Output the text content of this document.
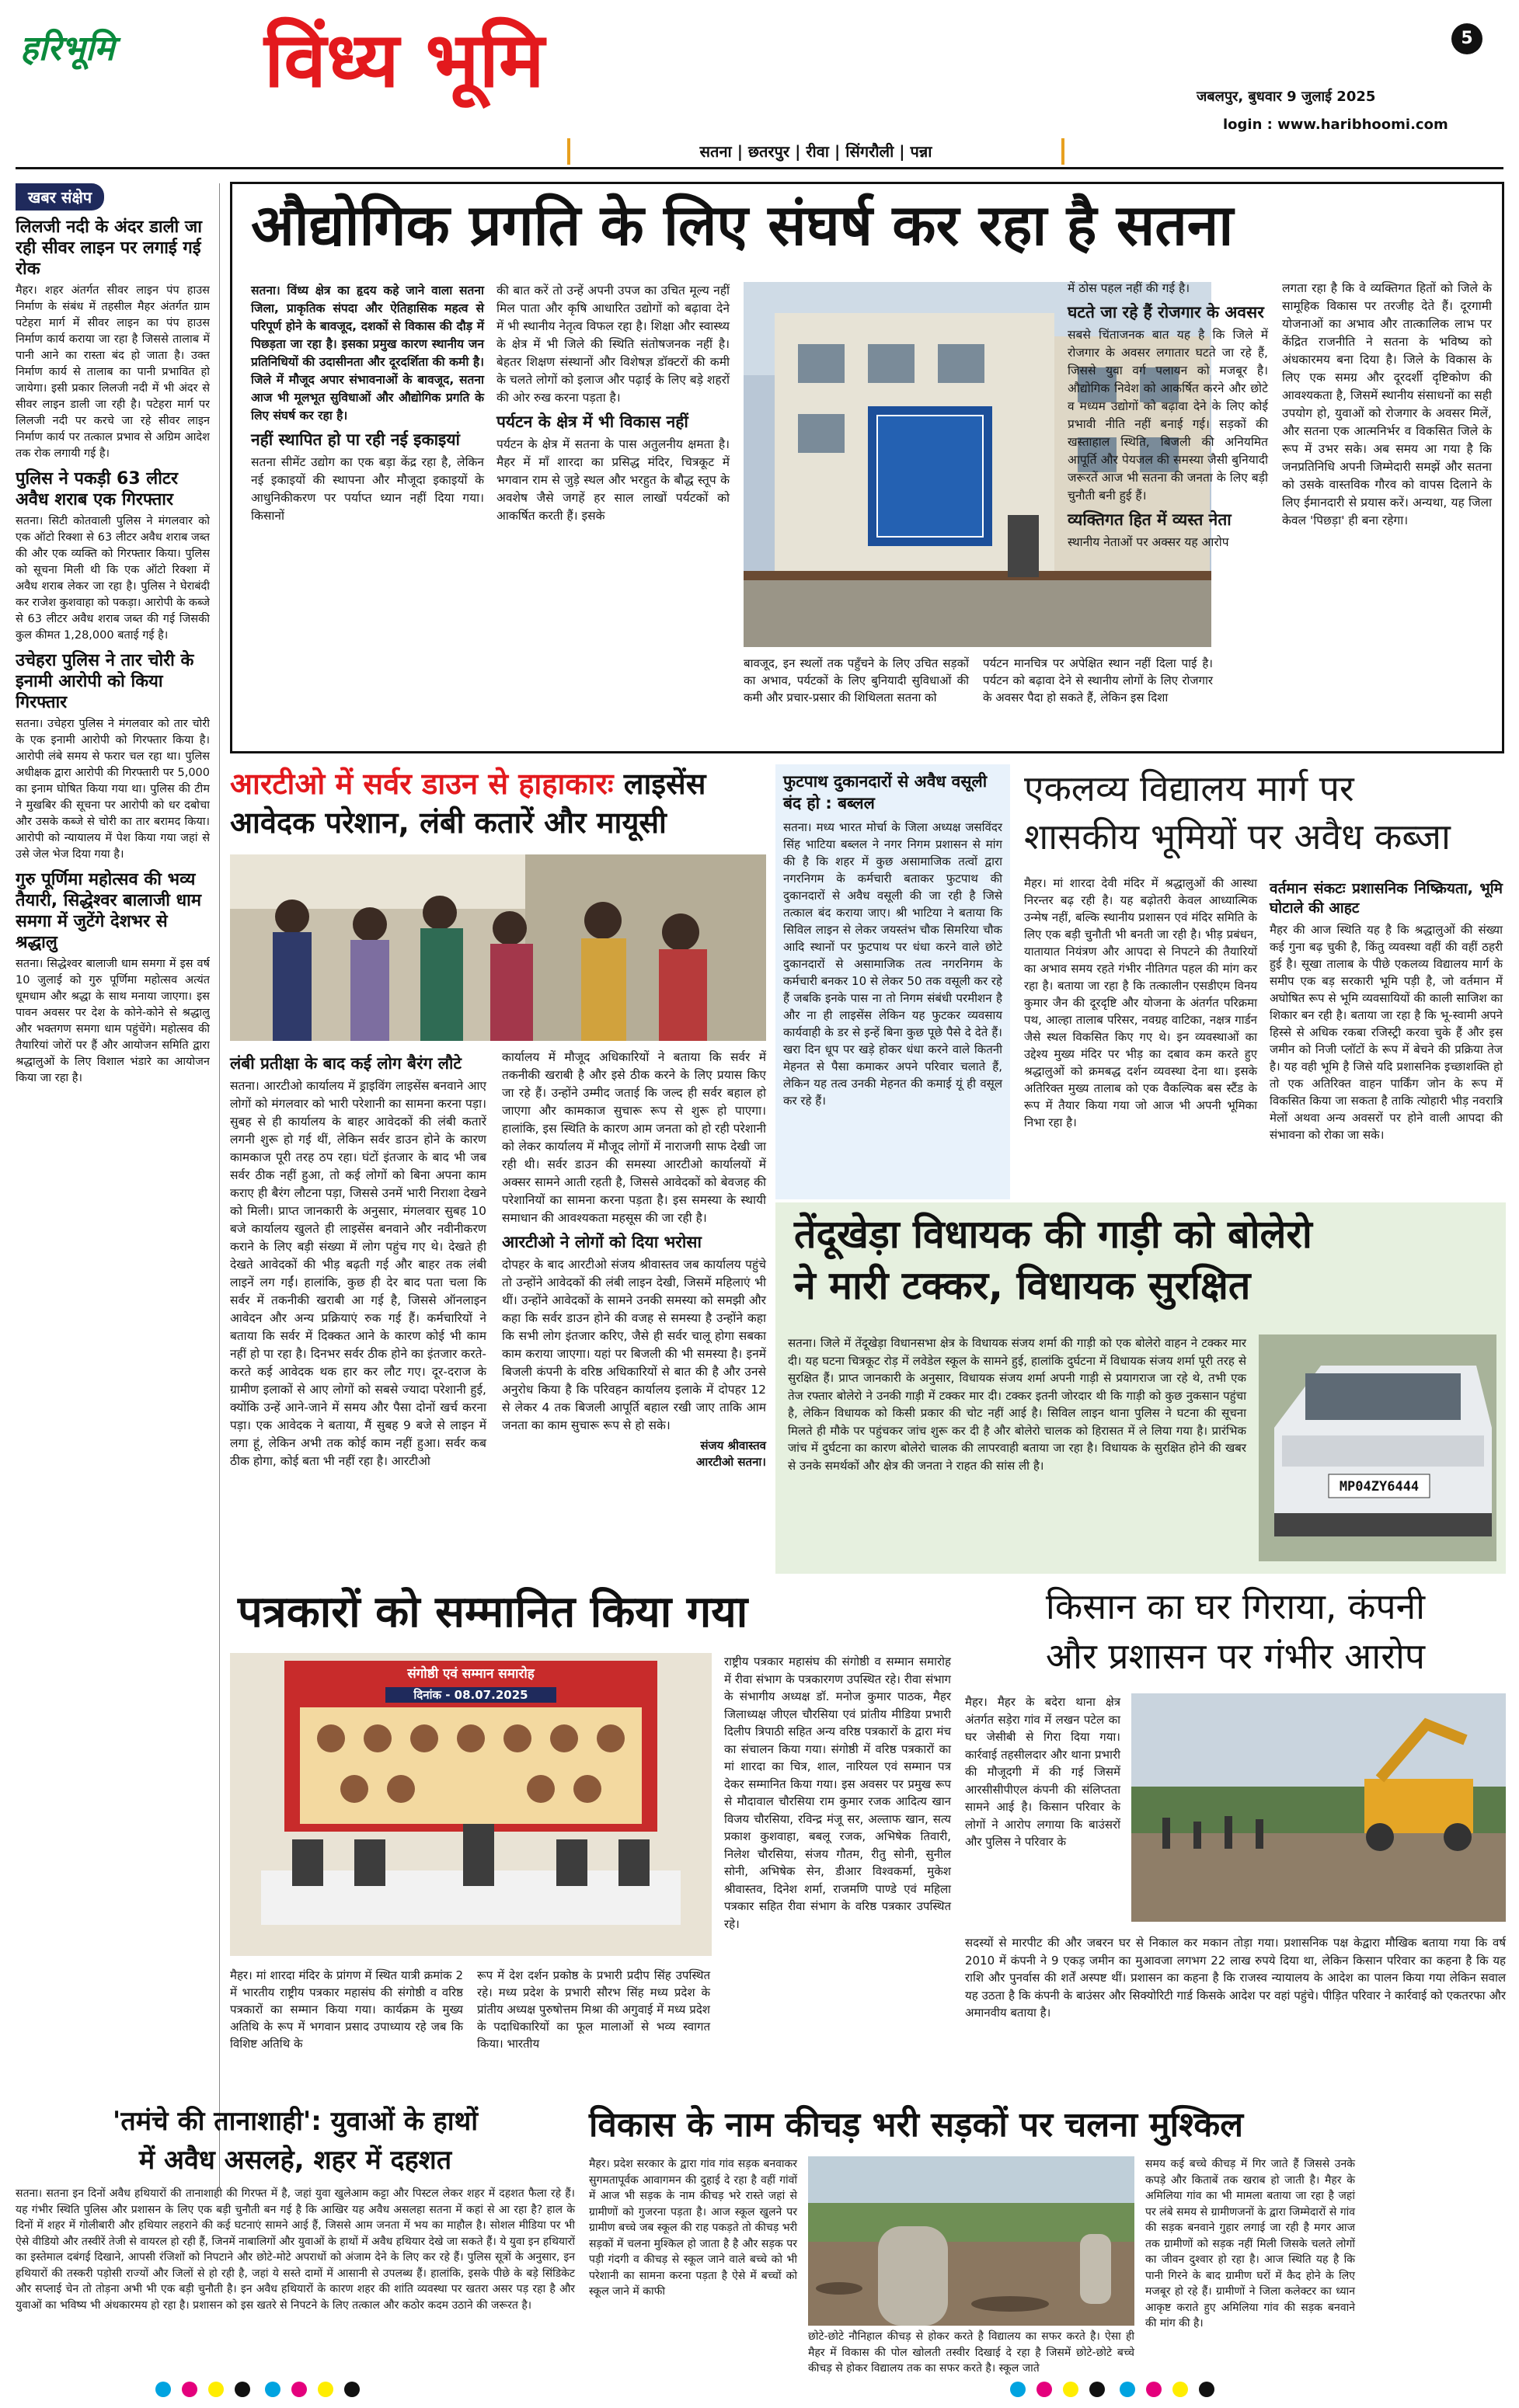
हरिभूमि विंध्य भूमि	5
जबलपुर, बुधवार 9 जुलाई 2025
login : www.haribhoomi.com
सतना | छतरपुर | रीवा | सिंगरौली | पन्ना
खबर संक्षेप
लिलजी नदी के अंदर डाली जा रही सीवर लाइन पर लगाई गई रोक

मैहर। शहर अंतर्गत सीवर लाइन पंप हाउस निर्माण के संबंध में तहसील मैहर अंतर्गत ग्राम पटेहरा मार्ग में सीवर लाइन का पंप हाउस निर्माण कार्य कराया जा रहा है जिससे तालाब में पानी आने का रास्ता बंद हो जाता है। उक्त निर्माण कार्य से तालाब का पानी प्रभावित हो जायेगा। इसी प्रकार लिलजी नदी में भी अंदर से सीवर लाइन डाली जा रही है। पटेहरा मार्ग पर लिलजी नदी पर करचे जा रहे सीवर लाइन निर्माण कार्य पर तत्काल प्रभाव से अग्रिम आदेश तक रोक लगायी गई है।

पुलिस ने पकड़ी 63 लीटर अवैध शराब एक गिरफ्तार

सतना। सिटी कोतवाली पुलिस ने मंगलवार को एक ऑटो रिक्शा से 63 लीटर अवैध शराब जब्त की और एक व्यक्ति को गिरफ्तार किया। पुलिस को सूचना मिली थी कि एक ऑटो रिक्शा में अवैध शराब लेकर जा रहा है। पुलिस ने घेराबंदी कर राजेश कुशवाहा को पकड़ा। आरोपी के कब्जे से 63 लीटर अवैध शराब जब्त की गई जिसकी कुल कीमत 1,28,000 बताई गई है।

उचेहरा पुलिस ने तार चोरी के इनामी आरोपी को किया गिरफ्तार

सतना। उचेहरा पुलिस ने मंगलवार को तार चोरी के एक इनामी आरोपी को गिरफ्तार किया है। आरोपी लंबे समय से फरार चल रहा था। पुलिस अधीक्षक द्वारा आरोपी की गिरफ्तारी पर 5,000 का इनाम घोषित किया गया था। पुलिस की टीम ने मुखबिर की सूचना पर आरोपी को धर दबोचा और उसके कब्जे से चोरी का तार बरामद किया। आरोपी को न्यायालय में पेश किया गया जहां से उसे जेल भेज दिया गया है।

गुरु पूर्णिमा महोत्सव की भव्य तैयारी, सिद्धेश्वर बालाजी धाम समगा में जुटेंगे देशभर से श्रद्धालु

सतना। सिद्धेश्वर बालाजी धाम समगा में इस वर्ष 10 जुलाई को गुरु पूर्णिमा महोत्सव अत्यंत धूमधाम और श्रद्धा के साथ मनाया जाएगा। इस पावन अवसर पर देश के कोने-कोने से श्रद्धालु और भक्तगण समगा धाम पहुंचेंगे। महोत्सव की तैयारियां जोरों पर हैं और आयोजन समिति द्वारा श्रद्धालुओं के लिए विशाल भंडारे का आयोजन किया जा रहा है।

औद्योगिक प्रगति के लिए संघर्ष कर रहा है सतना

सतना। विंध्य क्षेत्र का हृदय कहे जाने वाला सतना जिला, प्राकृतिक संपदा और ऐतिहासिक महत्व से परिपूर्ण होने के बावजूद, दशकों से विकास की दौड़ में पिछड़ता जा रहा है। इसका प्रमुख कारण स्थानीय जन प्रतिनिधियों की उदासीनता और दूरदर्शिता की कमी है। जिले में मौजूद अपार संभावनाओं के बावजूद, सतना आज भी मूलभूत सुविधाओं और औद्योगिक प्रगति के लिए संघर्ष कर रहा है।

नहीं स्थापित हो पा रही नई इकाइयां

सतना सीमेंट उद्योग का एक बड़ा केंद्र रहा है, लेकिन नई इकाइयों की स्थापना और मौजूदा इकाइयों के आधुनिकीकरण पर पर्याप्त ध्यान नहीं दिया गया। किसानों

की बात करें तो उन्हें अपनी उपज का उचित मूल्य नहीं मिल पाता और कृषि आधारित उद्योगों को बढ़ावा देने में भी स्थानीय नेतृत्व विफल रहा है। शिक्षा और स्वास्थ्य के क्षेत्र में भी जिले की स्थिति संतोषजनक नहीं है। बेहतर शिक्षण संस्थानों और विशेषज्ञ डॉक्टरों की कमी के चलते लोगों को इलाज और पढ़ाई के लिए बड़े शहरों की ओर रुख करना पड़ता है।

पर्यटन के क्षेत्र में भी विकास नहीं

पर्यटन के क्षेत्र में सतना के पास अतुलनीय क्षमता है। मैहर में माँ शारदा का प्रसिद्ध मंदिर, चित्रकूट में भगवान राम से जुड़े स्थल और भरहुत के बौद्ध स्तूप के अवशेष जैसे जगहें हर साल लाखों पर्यटकों को आकर्षित करती हैं। इसके

बावजूद, इन स्थलों तक पहुँचने के लिए उचित सड़कों का अभाव, पर्यटकों के लिए बुनियादी सुविधाओं की कमी और प्रचार-प्रसार की शिथिलता सतना को
पर्यटन मानचित्र पर अपेक्षित स्थान नहीं दिला पाई है। पर्यटन को बढ़ावा देने से स्थानीय लोगों के लिए रोजगार के अवसर पैदा हो सकते हैं, लेकिन इस दिशा

में ठोस पहल नहीं की गई है।

घटते जा रहे हैं रोजगार के अवसर

सबसे चिंताजनक बात यह है कि जिले में रोजगार के अवसर लगातार घटते जा रहे हैं, जिससे युवा वर्ग पलायन को मजबूर है। औद्योगिक निवेश को आकर्षित करने और छोटे व मध्यम उद्योगों को बढ़ावा देने के लिए कोई प्रभावी नीति नहीं बनाई गई। सड़कों की खस्ताहाल स्थिति, बिजली की अनियमित आपूर्ति और पेयजल की समस्या जैसी बुनियादी जरूरतें आज भी सतना की जनता के लिए बड़ी चुनौती बनी हुई हैं।

व्यक्तिगत हित में व्यस्त नेता

स्थानीय नेताओं पर अक्सर यह आरोप

लगता रहा है कि वे व्यक्तिगत हितों को जिले के सामूहिक विकास पर तरजीह देते हैं। दूरगामी योजनाओं का अभाव और तात्कालिक लाभ पर केंद्रित राजनीति ने सतना के भविष्य को अंधकारमय बना दिया है। जिले के विकास के लिए एक समग्र और दूरदर्शी दृष्टिकोण की आवश्यकता है, जिसमें स्थानीय संसाधनों का सही उपयोग हो, युवाओं को रोजगार के अवसर मिलें, और सतना एक आत्मनिर्भर व विकसित जिले के रूप में उभर सके। अब समय आ गया है कि जनप्रतिनिधि अपनी जिम्मेदारी समझें और सतना को उसके वास्तविक गौरव को वापस दिलाने के लिए ईमानदारी से प्रयास करें। अन्यथा, यह जिला केवल 'पिछड़ा' ही बना रहेगा।

आरटीओ में सर्वर डाउन से हाहाकारः लाइसेंस
आवेदक परेशान, लंबी कतारें और मायूसी
लंबी प्रतीक्षा के बाद कई लोग बैरंग लौटे

सतना। आरटीओ कार्यालय में ड्राइविंग लाइसेंस बनवाने आए लोगों को मंगलवार को भारी परेशानी का सामना करना पड़ा। सुबह से ही कार्यालय के बाहर आवेदकों की लंबी कतारें लगनी शुरू हो गई थीं, लेकिन सर्वर डाउन होने के कारण कामकाज पूरी तरह ठप रहा। घंटों इंतजार के बाद भी जब सर्वर ठीक नहीं हुआ, तो कई लोगों को बिना अपना काम कराए ही बैरंग लौटना पड़ा, जिससे उनमें भारी निराशा देखने को मिली। प्राप्त जानकारी के अनुसार, मंगलवार सुबह 10 बजे कार्यालय खुलते ही लाइसेंस बनवाने और नवीनीकरण कराने के लिए बड़ी संख्या में लोग पहुंच गए थे। देखते ही देखते आवेदकों की भीड़ बढ़ती गई और बाहर तक लंबी लाइनें लग गईं। हालांकि, कुछ ही देर बाद पता चला कि सर्वर में तकनीकी खराबी आ गई है, जिससे ऑनलाइन आवेदन और अन्य प्रक्रियाएं रुक गई हैं। कर्मचारियों ने बताया कि सर्वर में दिक्कत आने के कारण कोई भी काम नहीं हो पा रहा है। दिनभर सर्वर ठीक होने का इंतजार करते-करते कई आवेदक थक हार कर लौट गए। दूर-दराज के ग्रामीण इलाकों से आए लोगों को सबसे ज्यादा परेशानी हुई, क्योंकि उन्हें आने-जाने में समय और पैसा दोनों खर्च करना पड़ा। एक आवेदक ने बताया, मैं सुबह 9 बजे से लाइन में लगा हूं, लेकिन अभी तक कोई काम नहीं हुआ। सर्वर कब ठीक होगा, कोई बता भी नहीं रहा है। आरटीओ

कार्यालय में मौजूद अधिकारियों ने बताया कि सर्वर में तकनीकी खराबी है और इसे ठीक करने के लिए प्रयास किए जा रहे हैं। उन्होंने उम्मीद जताई कि जल्द ही सर्वर बहाल हो जाएगा और कामकाज सुचारू रूप से शुरू हो पाएगा। हालांकि, इस स्थिति के कारण आम जनता को हो रही परेशानी को लेकर कार्यालय में मौजूद लोगों में नाराजगी साफ देखी जा रही थी। सर्वर डाउन की समस्या आरटीओ कार्यालयों में अक्सर सामने आती रहती है, जिससे आवेदकों को बेवजह की परेशानियों का सामना करना पड़ता है। इस समस्या के स्थायी समाधान की आवश्यकता महसूस की जा रही है।

आरटीओ ने लोगों को दिया भरोसा

दोपहर के बाद आरटीओ संजय श्रीवास्तव जब कार्यालय पहुंचे तो उन्होंने आवेदकों की लंबी लाइन देखी, जिसमें महिलाएं भी थीं। उन्होंने आवेदकों के सामने उनकी समस्या को समझी और कहा कि सर्वर डाउन होने की वजह से समस्या है उन्होंने कहा कि सभी लोग इंतजार करिए, जैसे ही सर्वर चालू होगा सबका काम कराया जाएगा। यहां पर बिजली की भी समस्या है। इनमें बिजली कंपनी के वरिष्ठ अधिकारियों से बात की है और उनसे अनुरोध किया है कि परिवहन कार्यालय इलाके में दोपहर 12 से लेकर 4 तक बिजली आपूर्ति बहाल रखी जाए ताकि आम जनता का काम सुचारू रूप से हो सके।

संजय श्रीवास्तव
आरटीओ सतना।
फुटपाथ दुकानदारों से अवैध वसूली बंद हो : बब्लल

सतना। मध्य भारत मोर्चा के जिला अध्यक्ष जसविंदर सिंह भाटिया बब्लल ने नगर निगम प्रशासन से मांग की है कि शहर में कुछ असामाजिक तत्वों द्वारा नगरनिगम के कर्मचारी बताकर फुटपाथ की दुकानदारों से अवैध वसूली की जा रही है जिसे तत्काल बंद कराया जाए। श्री भाटिया ने बताया कि सिविल लाइन से लेकर जयस्तंभ चौक सिमरिया चौक आदि स्थानों पर फुटपाथ पर धंधा करने वाले छोटे दुकानदारों से असामाजिक तत्व नगरनिगम के कर्मचारी बनकर 10 से लेकर 50 तक वसूली कर रहे हैं जबकि इनके पास ना तो निगम संबंधी परमीशन है और ना ही लाइसेंस लेकिन यह फुटकर व्यवसाय कार्यवाही के डर से इन्हें बिना कुछ पूछे पैसे दे देते हैं। खरा दिन धूप पर खड़े होकर धंधा करने वाले कितनी मेहनत से पैसा कमाकर अपने परिवार चलाते हैं, लेकिन यह तत्व उनकी मेहनत की कमाई यूं ही वसूल कर रहे हैं।

एकलव्य विद्यालय मार्ग पर
शासकीय भूमियों पर अवैध कब्जा

मैहर। मां शारदा देवी मंदिर में श्रद्धालुओं की आस्था निरन्तर बढ़ रही है। यह बढ़ोतरी केवल आध्यात्मिक उन्मेष नहीं, बल्कि स्थानीय प्रशासन एवं मंदिर समिति के लिए एक बड़ी चुनौती भी बनती जा रही है। भीड़ प्रबंधन, यातायात नियंत्रण और आपदा से निपटने की तैयारियों का अभाव समय रहते गंभीर नीतिगत पहल की मांग कर रहा है। बताया जा रहा है कि तत्कालीन एसडीएम विनय कुमार जैन की दूरदृष्टि और योजना के अंतर्गत परिक्रमा पथ, आल्हा तालाब परिसर, नवग्रह वाटिका, नक्षत्र गार्डन जैसे स्थल विकसित किए गए थे। इन व्यवस्थाओं का उद्देश्य मुख्य मंदिर पर भीड़ का दबाव कम करते हुए श्रद्धालुओं को क्रमबद्ध दर्शन व्यवस्था देना था। इसके अतिरिक्त मुख्य तालाब को एक वैकल्पिक बस स्टैंड के रूप में तैयार किया गया जो आज भी अपनी भूमिका निभा रहा है।

वर्तमान संकटः प्रशासनिक निष्क्रियता, भूमि घोटाले की आहट

मैहर की आज स्थिति यह है कि श्रद्धालुओं की संख्या कई गुना बढ़ चुकी है, किंतु व्यवस्था वहीं की वहीं ठहरी हुई है। सूखा तालाब के पीछे एकलव्य विद्यालय मार्ग के समीप एक बड़ सरकारी भूमि पड़ी है, जो वर्तमान में अघोषित रूप से भूमि व्यवसायियों की काली साजिश का शिकार बन रही है। बताया जा रहा है कि भू-स्वामी अपने हिस्से से अधिक रकबा रजिस्ट्री करवा चुके हैं और इस जमीन को निजी प्लॉटों के रूप में बेचने की प्रक्रिया तेज है। यह वही भूमि है जिसे यदि प्रशासनिक इच्छाशक्ति हो तो एक अतिरिक्त वाहन पार्किंग जोन के रूप में विकसित किया जा सकता है ताकि त्योहारी भीड़ नवरात्रि मेलों अथवा अन्य अवसरों पर होने वाली आपदा की संभावना को रोका जा सके।

तेंदूखेड़ा विधायक की गाड़ी को बोलेरो
ने मारी टक्कर, विधायक सुरक्षित

सतना। जिले में तेंदूखेड़ा विधानसभा क्षेत्र के विधायक संजय शर्मा की गाड़ी को एक बोलेरो वाहन ने टक्कर मार दी। यह घटना चित्रकूट रोड़ में लवेडेल स्कूल के सामने हुई, हालांकि दुर्घटना में विधायक संजय शर्मा पूरी तरह से सुरक्षित हैं। प्राप्त जानकारी के अनुसार, विधायक संजय शर्मा अपनी गाड़ी से प्रयागराज जा रहे थे, तभी एक तेज रफ्तार बोलेरो ने उनकी गाड़ी में टक्कर मार दी। टक्कर इतनी जोरदार थी कि गाड़ी को कुछ नुकसान पहुंचा है, लेकिन विधायक को किसी प्रकार की चोट नहीं आई है। सिविल लाइन थाना पुलिस ने घटना की सूचना मिलते ही मौके पर पहुंचकर जांच शुरू कर दी है और बोलेरो चालक को हिरासत में ले लिया गया है। प्रारंभिक जांच में दुर्घटना का कारण बोलेरो चालक की लापरवाही बताया जा रहा है। विधायक के सुरक्षित होने की खबर से उनके समर्थकों और क्षेत्र की जनता ने राहत की सांस ली है।

MP04ZY6444
पत्रकारों को सम्मानित किया गया
संगोष्ठी एवं सम्मान समारोह
दिनांक - 08.07.2025

मैहर। मां शारदा मंदिर के प्रांगण में स्थित यात्री क्रमांक 2 में भारतीय राष्ट्रीय पत्रकार महासंघ की संगोष्ठी व वरिष्ठ पत्रकारों का सम्मान किया गया। कार्यक्रम के मुख्य अतिथि के रूप में भगवान प्रसाद उपाध्याय रहे जब कि विशिष्ट अतिथि के

रूप में देश दर्शन प्रकोष्ठ के प्रभारी प्रदीप सिंह उपस्थित रहे। मध्य प्रदेश के प्रभारी सौरभ सिंह मध्य प्रदेश के प्रांतीय अध्यक्ष पुरुषोत्तम मिश्रा की अगुवाई में मध्य प्रदेश के पदाधिकारियों का फूल मालाओं से भव्य स्वागत किया। भारतीय

राष्ट्रीय पत्रकार महासंघ की संगोष्ठी व सम्मान समारोह में रीवा संभाग के पत्रकारगण उपस्थित रहे। रीवा संभाग के संभागीय अध्यक्ष डॉ. मनोज कुमार पाठक, मैहर जिलाध्यक्ष जीएल चौरसिया एवं प्रांतीय मीडिया प्रभारी दिलीप त्रिपाठी सहित अन्य वरिष्ठ पत्रकारों के द्वारा मंच का संचालन किया गया। संगोष्ठी में वरिष्ठ पत्रकारों का मां शारदा का चित्र, शाल, नारियल एवं सम्मान पत्र देकर सम्मानित किया गया। इस अवसर पर प्रमुख रूप से मौदावाल चौरसिया राम कुमार रजक आदित्य खान विजय चौरसिया, रविन्द्र मंजू सर, अल्ताफ खान, सत्य प्रकाश कुशवाहा, बबलू रजक, अभिषेक तिवारी, निलेश चौरसिया, संजय गौतम, रीतु सोनी, सुनील सोनी, अभिषेक सेन, डीआर विश्वकर्मा, मुकेश श्रीवास्तव, दिनेश शर्मा, राजमणि पाण्डे एवं महिला पत्रकार सहित रीवा संभाग के वरिष्ठ पत्रकार उपस्थित रहे।

किसान का घर गिराया, कंपनी
और प्रशासन पर गंभीर आरोप

मैहर। मैहर के बदेरा थाना क्षेत्र अंतर्गत सड़ेरा गांव में लखन पटेल का घर जेसीबी से गिरा दिया गया। कार्रवाई तहसीलदार और थाना प्रभारी की मौजूदगी में की गई जिसमें आरसीसीपीएल कंपनी की संलिप्तता सामने आई है। किसान परिवार के लोगों ने आरोप लगाया कि बाउंसरों और पुलिस ने परिवार के

सदस्यों से मारपीट की और जबरन घर से निकाल कर मकान तोड़ा गया। प्रशासनिक पक्ष केद्वारा मौखिक बताया गया कि वर्ष 2010 में कंपनी ने 9 एकड़ जमीन का मुआवजा लगभग 22 लाख रुपये दिया था, लेकिन किसान परिवार का कहना है कि यह राशि और पुनर्वास की शर्तें अस्पष्ट थीं। प्रशासन का कहना है कि राजस्व न्यायालय के आदेश का पालन किया गया लेकिन सवाल यह उठता है कि कंपनी के बाउंसर और सिक्योरिटी गार्ड किसके आदेश पर वहां पहुंचे। पीड़ित परिवार ने कार्रवाई को एकतरफा और अमानवीय बताया है।

'तमंचे की तानाशाही': युवाओं के हाथों
में अवैध असलहे, शहर में दहशत

सतना। सतना इन दिनों अवैध हथियारों की तानाशाही की गिरफ्त में है, जहां युवा खुलेआम कट्टा और पिस्टल लेकर शहर में दहशत फैला रहे हैं। यह गंभीर स्थिति पुलिस और प्रशासन के लिए एक बड़ी चुनौती बन गई है कि आखिर यह अवैध असलहा सतना में कहां से आ रहा है? हाल के दिनों में शहर में गोलीबारी और हथियार लहराने की कई घटनाएं सामने आई हैं, जिससे आम जनता में भय का माहौल है। सोशल मीडिया पर भी ऐसे वीडियो और तस्वीरें तेजी से वायरल हो रही हैं, जिनमें नाबालिगों और युवाओं के हाथों में अवैध हथियार देखे जा सकते हैं। ये युवा इन हथियारों का इस्तेमाल दबंगई दिखाने, आपसी रंजिशों को निपटाने और छोटे-मोटे अपराधों को अंजाम देने के लिए कर रहे हैं। पुलिस सूत्रों के अनुसार, इन हथियारों की तस्करी पड़ोसी राज्यों और जिलों से हो रही है, जहां ये सस्ते दामों में आसानी से उपलब्ध हैं। हालांकि, इसके पीछे के बड़े सिंडिकेट और सप्लाई चेन तो तोड़ना अभी भी एक बड़ी चुनौती है। इन अवैध हथियारों के कारण शहर की शांति व्यवस्था पर खतरा असर पड़ रहा है और युवाओं का भविष्य भी अंधकारमय हो रहा है। प्रशासन को इस खतरे से निपटने के लिए तत्काल और कठोर कदम उठाने की जरूरत है।

विकास के नाम कीचड़ भरी सड़कों पर चलना मुश्किल

मैहर। प्रदेश सरकार के द्वारा गांव गांव सड़क बनवाकर सुगमतापूर्वक आवागमन की दुहाई दे रहा है वहीं गांवों में आज भी सड़क के नाम कीचड़ भरे रास्ते जहां से ग्रामीणों को गुजरना पड़ता है। आज स्कूल खुलने पर ग्रामीण बच्चे जब स्कूल की राह पकड़ते तो कीचड़ भरी सड़कों में चलना मुश्किल हो जाता है है और सड़क पर पड़ी गंदगी व कीचड़ से स्कूल जाने वाले बच्चे को भी परेशानी का सामना करना पड़ता है ऐसे में बच्चों को स्कूल जाने में काफी

छोटे-छोटे नौनिहाल कीचड़ से होकर करते है विद्यालय का सफर करते है। ऐसा ही मैहर में विकास की पोल खोलती तस्वीर दिखाई दे रहा है जिसमें छोटे-छोटे बच्चे कीचड़ से होकर विद्यालय तक का सफर करते है। स्कूल जाते

समय कई बच्चे कीचड़ में गिर जाते हैं जिससे उनके कपड़े और किताबें तक खराब हो जाती है। मैहर के अमिलिया गांव का भी मामला बताया जा रहा है जहां पर लंबे समय से ग्रामीणजनों के द्वारा जिम्मेदारों से गांव की सड़क बनवाने गुहार लगाई जा रही है मगर आज तक ग्रामीणों को सड़क नहीं मिली जिसके चलते लोगों का जीवन दुश्वार हो रहा है। आज स्थिति यह है कि पानी गिरने के बाद ग्रामीण घरों में कैद होने के लिए मजबूर हो रहे हैं। ग्रामीणों ने जिला कलेक्टर का ध्यान आकृष्ट कराते हुए अमिलिया गांव की सड़क बनवाने की मांग की है।
